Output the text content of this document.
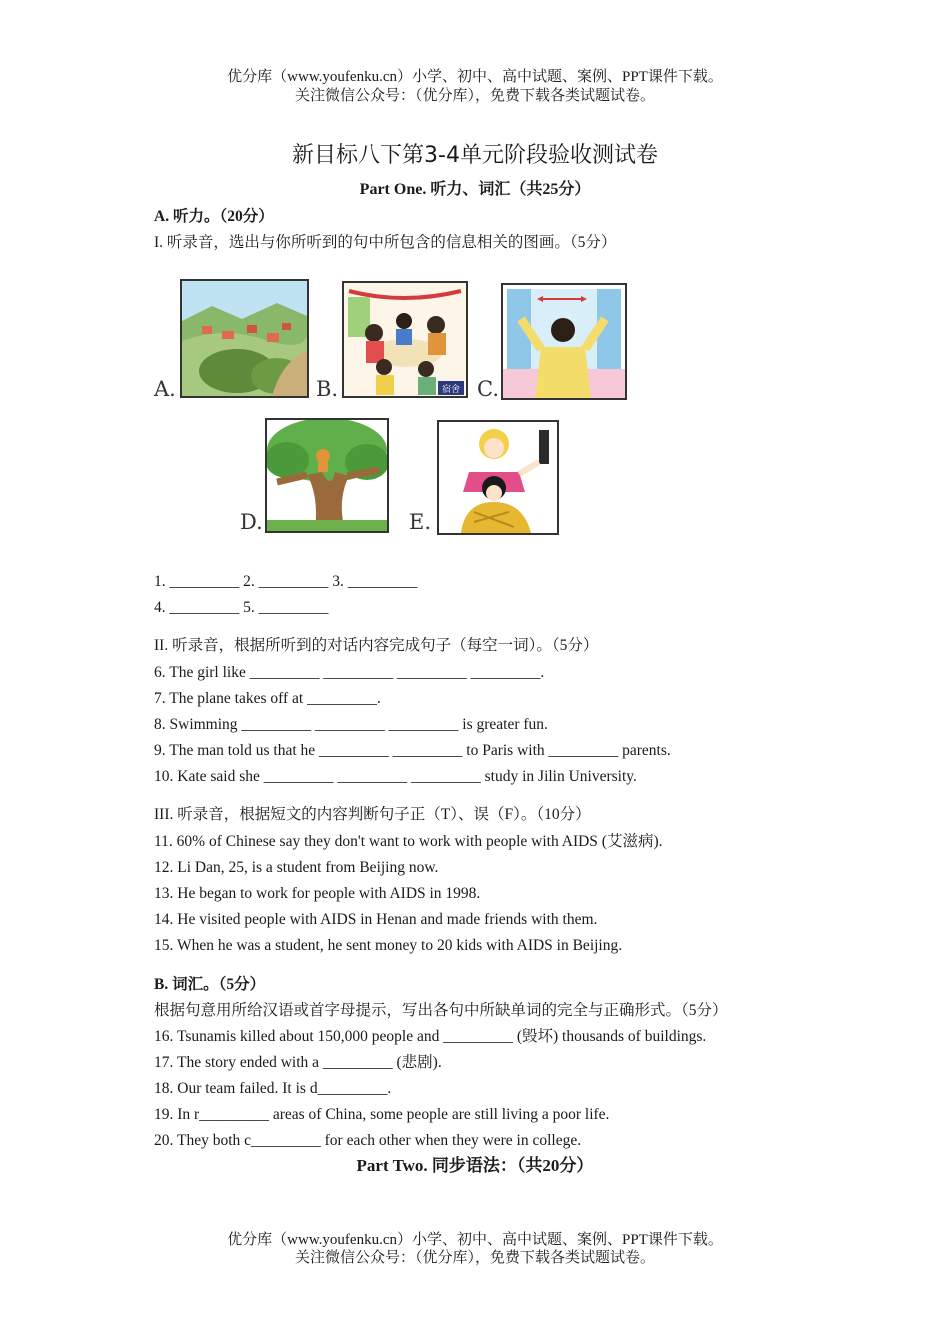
优分库（www.youfenku.cn）小学、初中、高中试题、案例、PPT课件下载。
关注微信公众号：（优分库），免费下载各类试题试卷。
新目标八下第3-4单元阶段验收测试卷
Part One. 听力、词汇（共25分）
A. 听力。（20分）
I. 听录音，选出与你所听到的句中所包含的信息相关的图画。（5分）
A.	B.	宿舍 C.
D.	E.
1. _________ 2. _________ 3. _________
4. _________ 5. _________
II. 听录音，根据所听到的对话内容完成句子（每空一词）。（5分）
6. The girl like _________ _________ _________ _________.
7. The plane takes off at _________.
8. Swimming _________ _________ _________ is greater fun.
9. The man told us that he _________ _________ to Paris with _________ parents.
10. Kate said she _________ _________ _________ study in Jilin University.
III. 听录音，根据短文的内容判断句子正（T）、误（F）。（10分）
11. 60% of Chinese say they don't want to work with people with AIDS (艾滋病).
12. Li Dan, 25, is a student from Beijing now.
13. He began to work for people with AIDS in 1998.
14. He visited people with AIDS in Henan and made friends with them.
15. When he was a student, he sent money to 20 kids with AIDS in Beijing.
B. 词汇。（5分）
根据句意用所给汉语或首字母提示，写出各句中所缺单词的完全与正确形式。（5分）
16. Tsunamis killed about 150,000 people and _________ (毁坏) thousands of buildings.
17. The story ended with a _________ (悲剧).
18. Our team failed. It is d_________.
19. In r_________ areas of China, some people are still living a poor life.
20. They both c_________ for each other when they were in college.
Part Two. 同步语法：（共20分）
优分库（www.youfenku.cn）小学、初中、高中试题、案例、PPT课件下载。
关注微信公众号：（优分库），免费下载各类试题试卷。
